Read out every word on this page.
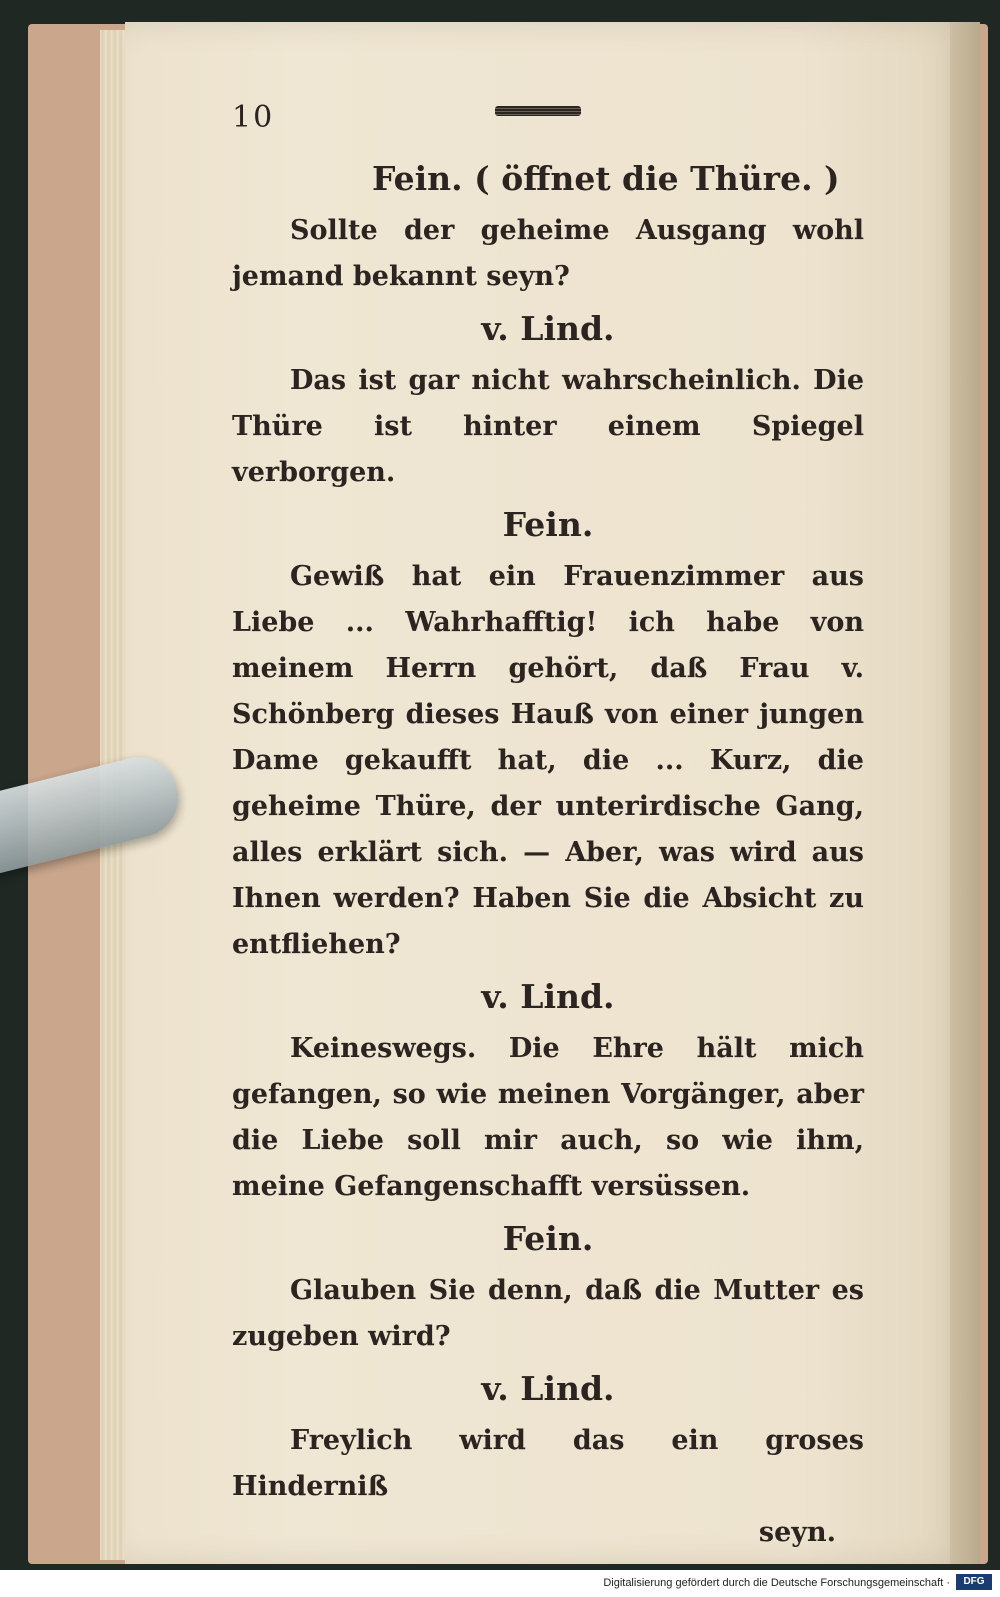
10

Fein. ( öffnet die Thüre. )

Sollte der geheime Ausgang wohl jemand bekannt seyn?

v. Lind.

Das ist gar nicht wahrscheinlich. Die Thüre ist hinter einem Spiegel verborgen.

Fein.

Gewiß hat ein Frauenzimmer aus Liebe ... Wahrhafftig! ich habe von meinem Herrn gehört, daß Frau v. Schönberg dieses Hauß von einer jungen Dame gekaufft hat, die ... Kurz, die geheime Thüre, der unterirdische Gang, alles erklärt sich. — Aber, was wird aus Ihnen werden? Haben Sie die Absicht zu entfliehen?

v. Lind.

Keineswegs. Die Ehre hält mich gefangen, so wie meinen Vorgänger, aber die Liebe soll mir auch, so wie ihm, meine Gefangenschafft versüssen.

Fein.

Glauben Sie denn, daß die Mutter es zugeben wird?

v. Lind.

Freylich wird das ein groses Hinderniß

seyn.

Digitalisierung gefördert durch die Deutsche Forschungsgemeinschaft ·	DFG
